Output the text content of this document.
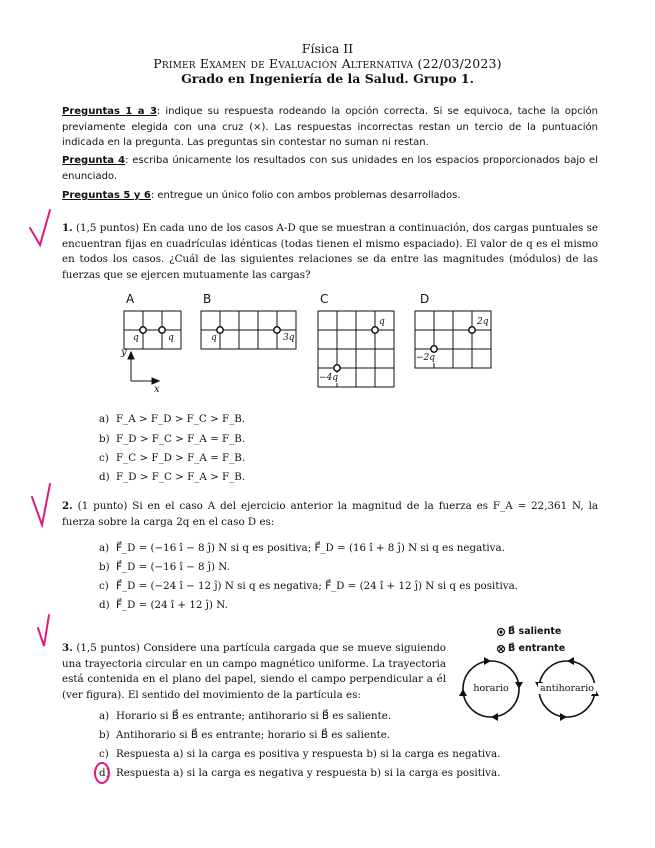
Física II
Primer Examen de Evaluación Alternativa (22/03/2023)
Grado en Ingeniería de la Salud. Grupo 1.
Preguntas 1 a 3: indique su respuesta rodeando la opción correcta. Si se equivoca, tache la opción previamente elegida con una cruz (×). Las respuestas incorrectas restan un tercio de la puntuación indicada en la pregunta. Las preguntas sin contestar no suman ni restan.
Pregunta 4: escriba únicamente los resultados con sus unidades en los espacios proporcionados bajo el enunciado.
Preguntas 5 y 6: entregue un único folio con ambos problemas desarrollados.
1. (1,5 puntos) En cada uno de los casos A-D que se muestran a continuación, dos cargas puntuales se encuentran fijas en cuadrículas idénticas (todas tienen el mismo espaciado). El valor de q es el mismo en todos los casos. ¿Cuál de las siguientes relaciones se da entre las magnitudes (módulos) de las fuerzas que se ejercen mutuamente las cargas?
A	B	C	D
q	q	q	3q
q
−4q
2q
−2q
y
x
a) F_A > F_D > F_C > F_B.
b) F_D > F_C > F_A = F_B.
c) F_C > F_D > F_A = F_B.
d) F_D > F_C > F_A > F_B.
2. (1 punto) Si en el caso A del ejercicio anterior la magnitud de la fuerza es F_A = 22,361 N, la fuerza sobre la carga 2q en el caso D es:
a) F⃗_D = (−16 î − 8 ĵ) N si q es positiva; F⃗_D = (16 î + 8 ĵ) N si q es negativa.
b) F⃗_D = (−16 î − 8 ĵ) N.
c) F⃗_D = (−24 î − 12 ĵ) N si q es negativa; F⃗_D = (24 î + 12 ĵ) N si q es positiva.
d) F⃗_D = (24 î + 12 ĵ) N.
3. (1,5 puntos) Considere una partícula cargada que se mueve siguiendo una trayectoria circular en un campo magnético uniforme. La trayectoria está contenida en el plano del papel, siendo el campo perpendicular a él (ver figura). El sentido del movimiento de la partícula es:
B⃗ saliente
B⃗ entrante
horario	antihorario
a) Horario si B⃗ es entrante; antihorario si B⃗ es saliente.
b) Antihorario si B⃗ es entrante; horario si B⃗ es saliente.
c) Respuesta a) si la carga es positiva y respuesta b) si la carga es negativa.
d) Respuesta a) si la carga es negativa y respuesta b) si la carga es positiva.
